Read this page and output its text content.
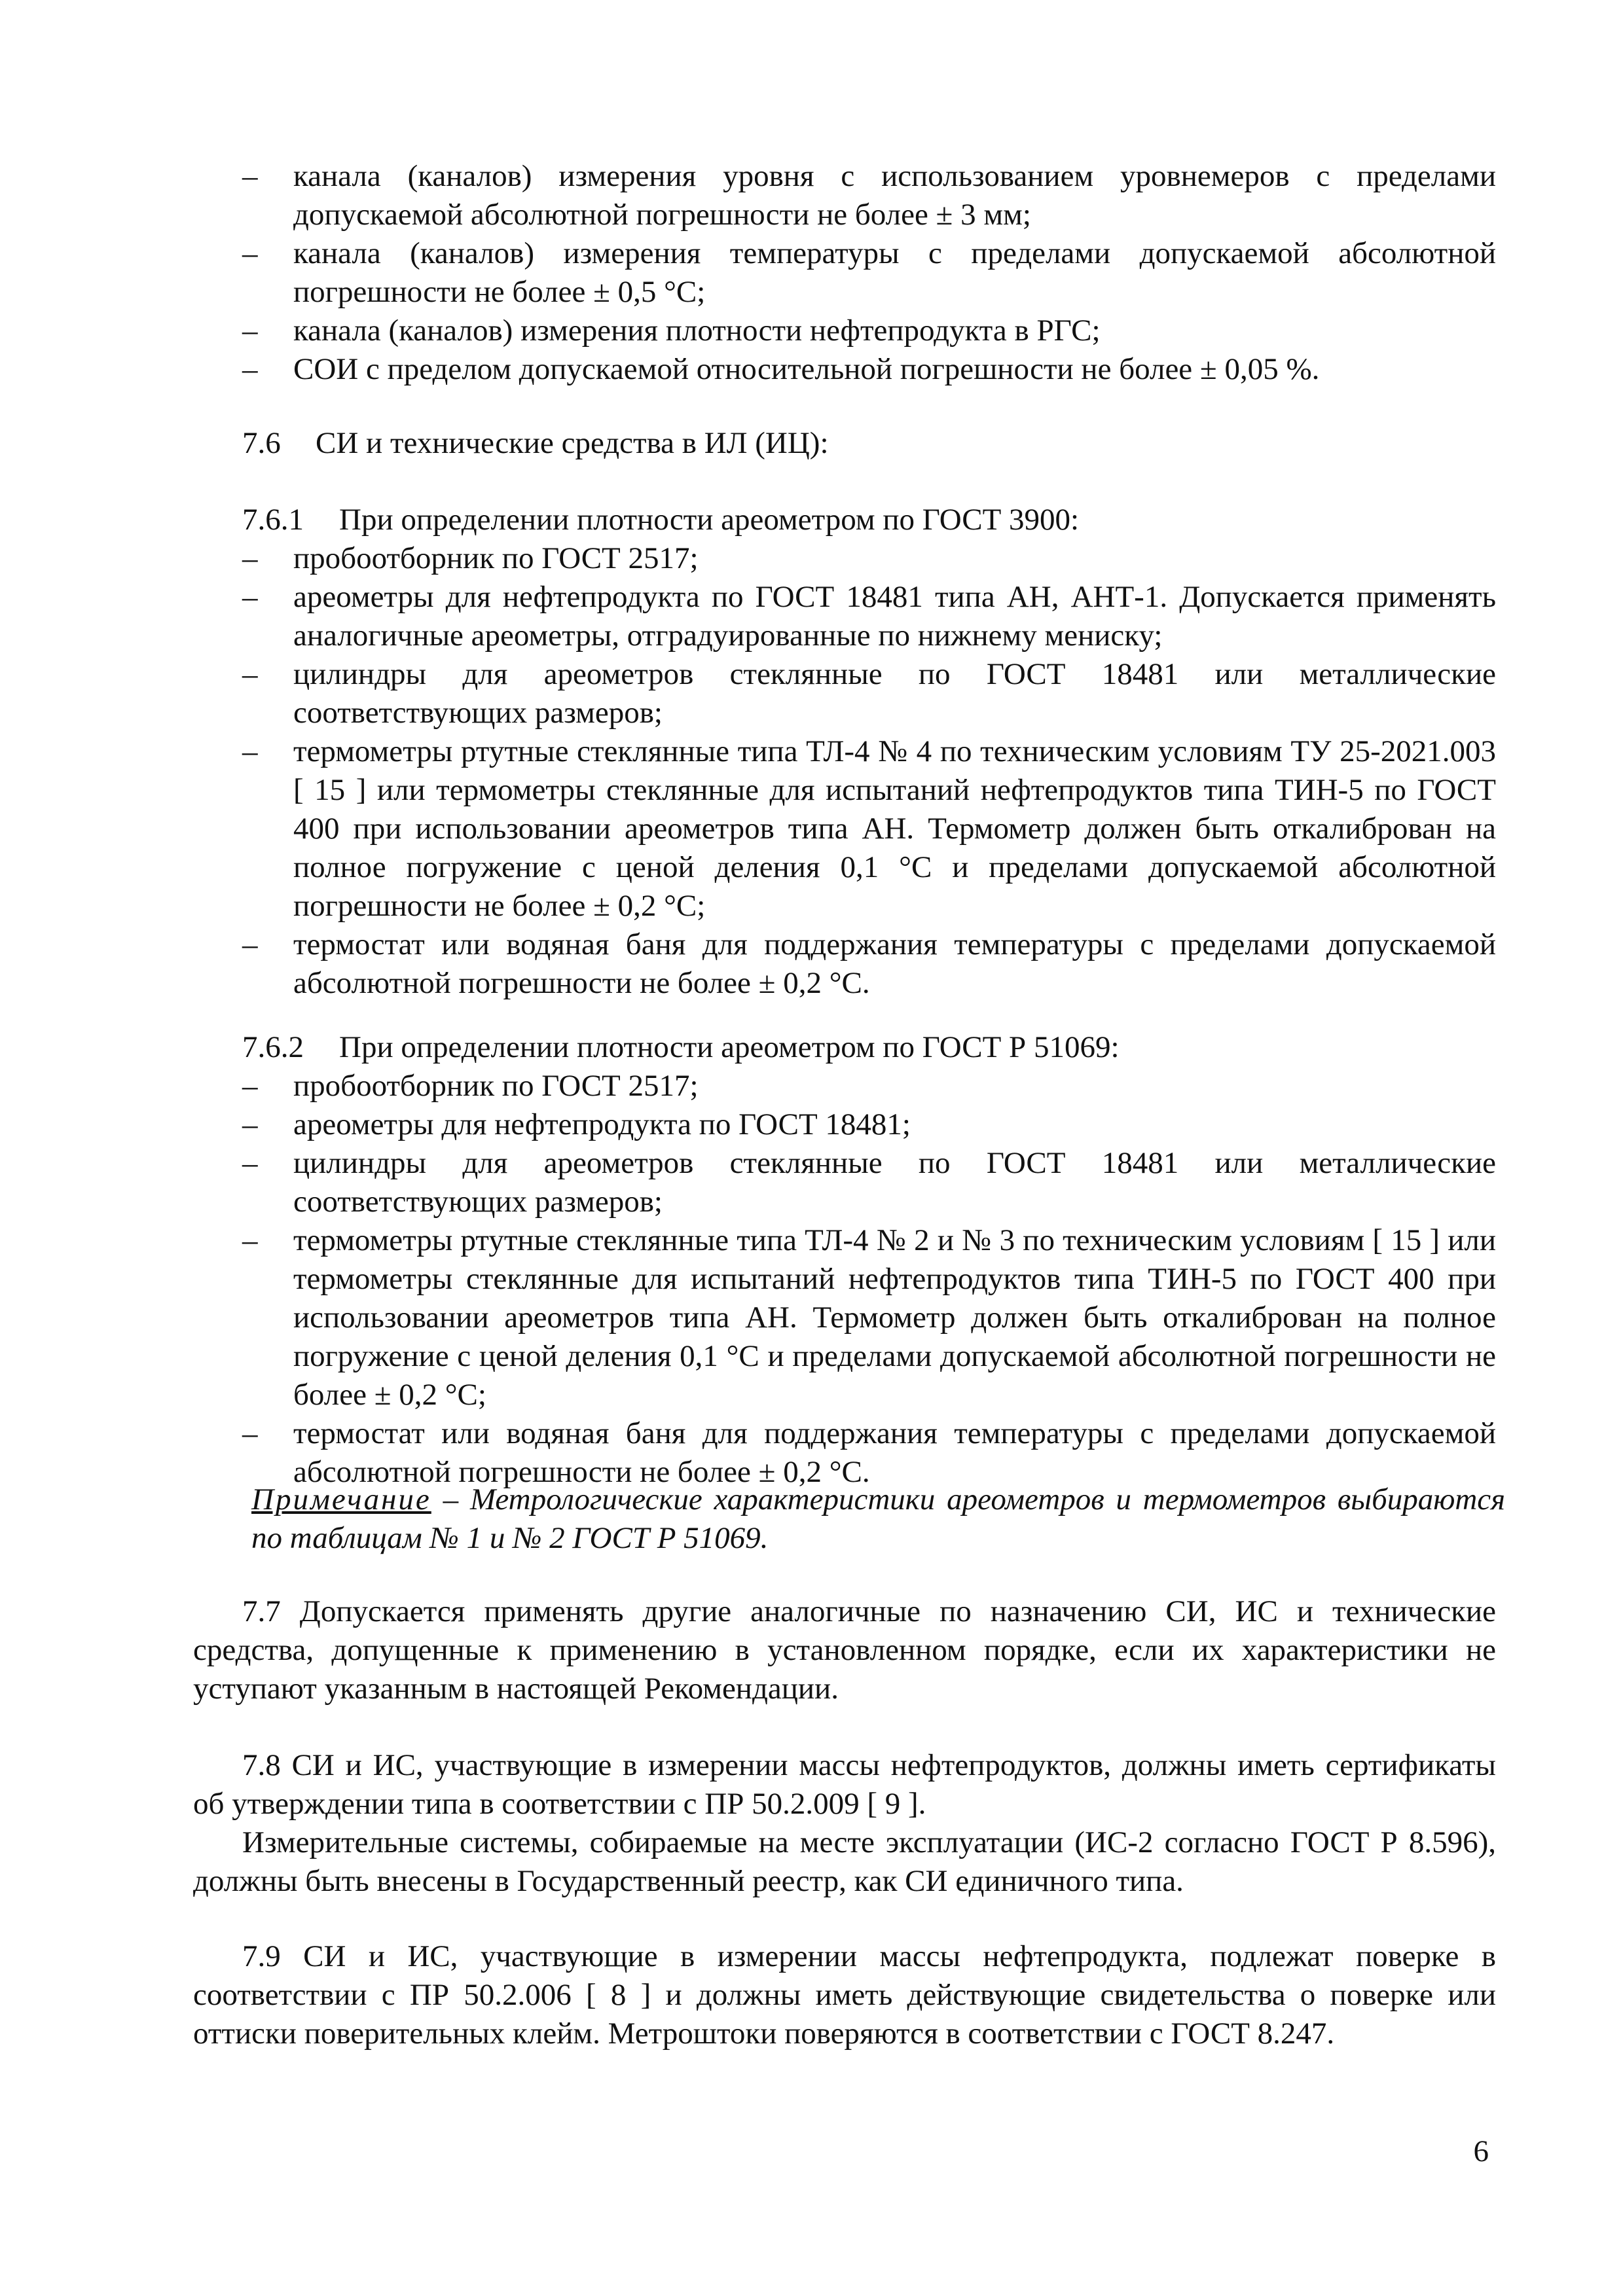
– канала (каналов) измерения уровня с использованием уровнемеров с пределами допускаемой абсолютной погрешности не более ± 3 мм;
– канала (каналов) измерения температуры с пределами допускаемой абсолютной погрешности не более ± 0,5 °С;
– канала (каналов) измерения плотности нефтепродукта в РГС;
– СОИ с пределом допускаемой относительной погрешности не более ± 0,05 %.
7.6 СИ и технические средства в ИЛ (ИЦ):
7.6.1 При определении плотности ареометром по ГОСТ 3900:
– пробоотборник по ГОСТ 2517;
– ареометры для нефтепродукта по ГОСТ 18481 типа АН, АНТ-1. Допускается применять аналогичные ареометры, отградуированные по нижнему мениску;
– цилиндры для ареометров стеклянные по ГОСТ 18481 или металлические соответствующих размеров;
– термометры ртутные стеклянные типа ТЛ-4 № 4 по техническим условиям ТУ 25-2021.003 [ 15 ] или термометры стеклянные для испытаний нефтепродуктов типа ТИН-5 по ГОСТ 400 при использовании ареометров типа АН. Термометр должен быть откалиброван на полное погружение с ценой деления 0,1 °С и пределами допускаемой абсолютной погрешности не более ± 0,2 °С;
– термостат или водяная баня для поддержания температуры с пределами допускаемой абсолютной погрешности не более ± 0,2 °С.
7.6.2 При определении плотности ареометром по ГОСТ Р 51069:
– пробоотборник по ГОСТ 2517;
– ареометры для нефтепродукта по ГОСТ 18481;
– цилиндры для ареометров стеклянные по ГОСТ 18481 или металлические соответствующих размеров;
– термометры ртутные стеклянные типа ТЛ-4 № 2 и № 3 по техническим условиям [ 15 ] или термометры стеклянные для испытаний нефтепродуктов типа ТИН-5 по ГОСТ 400 при использовании ареометров типа АН. Термометр должен быть откалиброван на полное погружение с ценой деления 0,1 °С и пределами допускаемой абсолютной погрешности не более ± 0,2 °С;
– термостат или водяная баня для поддержания температуры с пределами допускаемой абсолютной погрешности не более ± 0,2 °С.
Примечание – Метрологические характеристики ареометров и термометров выбираются по таблицам № 1 и № 2 ГОСТ Р 51069.
7.7 Допускается применять другие аналогичные по назначению СИ, ИС и технические средства, допущенные к применению в установленном порядке, если их характеристики не уступают указанным в настоящей Рекомендации.
7.8 СИ и ИС, участвующие в измерении массы нефтепродуктов, должны иметь сертификаты об утверждении типа в соответствии с ПР 50.2.009 [ 9 ].
Измерительные системы, собираемые на месте эксплуатации (ИС-2 согласно ГОСТ Р 8.596), должны быть внесены в Государственный реестр, как СИ единичного типа.
7.9 СИ и ИС, участвующие в измерении массы нефтепродукта, подлежат поверке в соответствии с ПР 50.2.006 [ 8 ] и должны иметь действующие свидетельства о поверке или оттиски поверительных клейм. Метроштоки поверяются в соответствии с ГОСТ 8.247.
6
